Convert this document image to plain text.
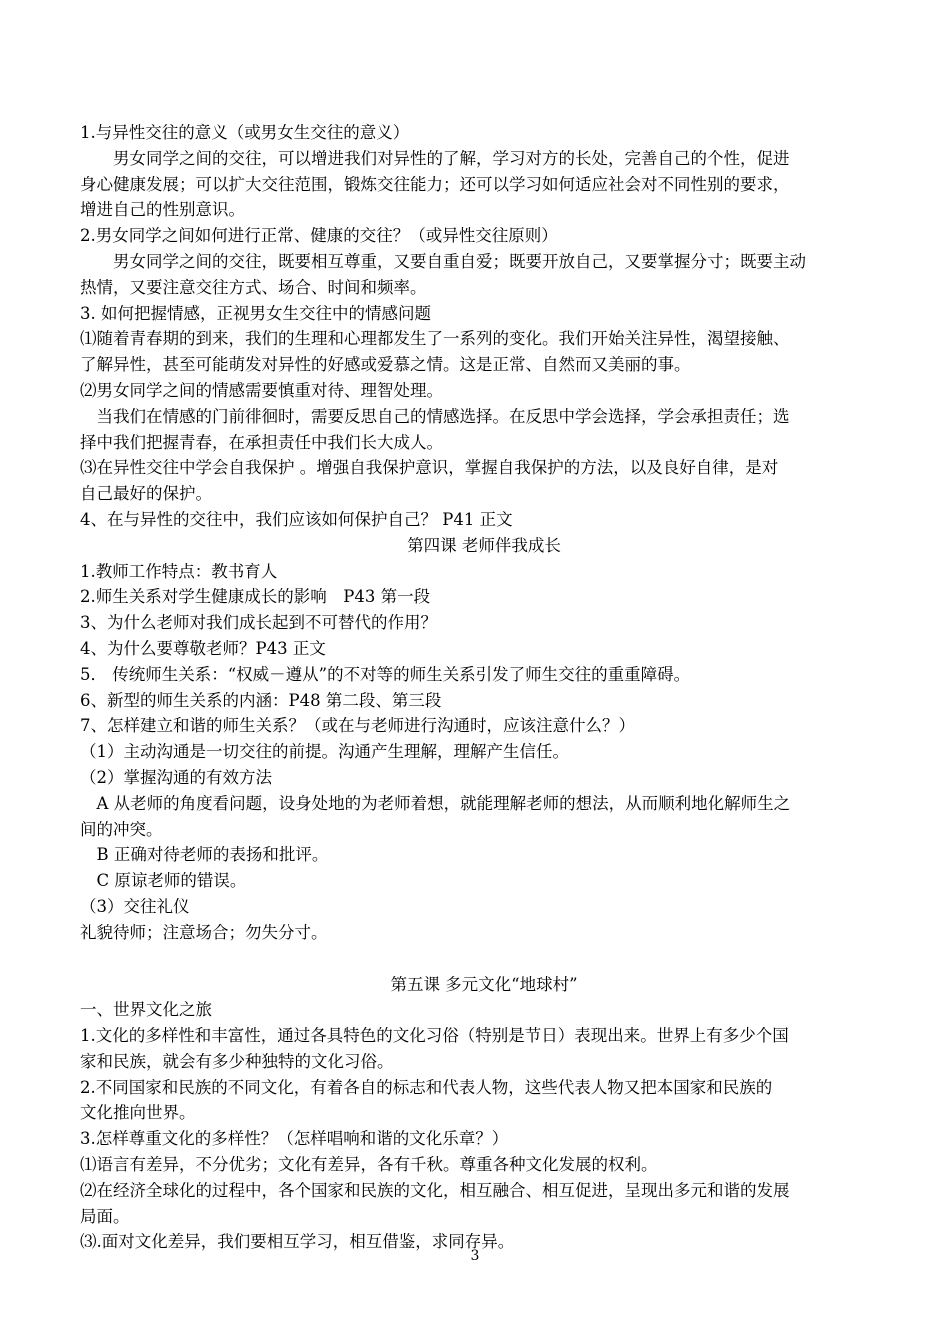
1.与异性交往的意义（或男女生交往的意义）
　　男女同学之间的交往，可以增进我们对异性的了解，学习对方的长处，完善自己的个性，促进
身心健康发展；可以扩大交往范围，锻炼交往能力；还可以学习如何适应社会对不同性别的要求，
增进自己的性别意识。
2.男女同学之间如何进行正常、健康的交往？（或异性交往原则）
　　男女同学之间的交往，既要相互尊重，又要自重自爱；既要开放自己，又要掌握分寸；既要主动
热情，又要注意交往方式、场合、时间和频率。
3. 如何把握情感，正视男女生交往中的情感问题
⑴随着青春期的到来，我们的生理和心理都发生了一系列的变化。我们开始关注异性，渴望接触、
了解异性，甚至可能萌发对异性的好感或爱慕之情。这是正常、自然而又美丽的事。
⑵男女同学之间的情感需要慎重对待、理智处理。
　当我们在情感的门前徘徊时，需要反思自己的情感选择。在反思中学会选择，学会承担责任；选
择中我们把握青春，在承担责任中我们长大成人。
⑶在异性交往中学会自我保护 。增强自我保护意识，掌握自我保护的方法，以及良好自律，是对
自己最好的保护。
4、在与异性的交往中，我们应该如何保护自己？ P41 正文
第四课 老师伴我成长
1.教师工作特点：教书育人
2.师生关系对学生健康成长的影响　P43 第一段
3、为什么老师对我们成长起到不可替代的作用？
4、为什么要尊敬老师？P43 正文
5． 传统师生关系：“权威－遵从”的不对等的师生关系引发了师生交往的重重障碍。
6、新型的师生关系的内涵：P48 第二段、第三段
7、怎样建立和谐的师生关系？（或在与老师进行沟通时，应该注意什么？）
（1）主动沟通是一切交往的前提。沟通产生理解，理解产生信任。
（2）掌握沟通的有效方法
　A 从老师的角度看问题，设身处地的为老师着想，就能理解老师的想法，从而顺利地化解师生之
间的冲突。
　B 正确对待老师的表扬和批评。
　C 原谅老师的错误。
（3）交往礼仪
礼貌待师；注意场合；勿失分寸。
第五课 多元文化“地球村”
一、世界文化之旅
1.文化的多样性和丰富性，通过各具特色的文化习俗（特别是节日）表现出来。世界上有多少个国
家和民族，就会有多少种独特的文化习俗。
2.不同国家和民族的不同文化，有着各自的标志和代表人物，这些代表人物又把本国家和民族的
文化推向世界。
3.怎样尊重文化的多样性？（怎样唱响和谐的文化乐章？）
⑴语言有差异，不分优劣；文化有差异，各有千秋。尊重各种文化发展的权利。
⑵在经济全球化的过程中，各个国家和民族的文化，相互融合、相互促进，呈现出多元和谐的发展
局面。
⑶.面对文化差异，我们要相互学习，相互借鉴，求同存异。
3
